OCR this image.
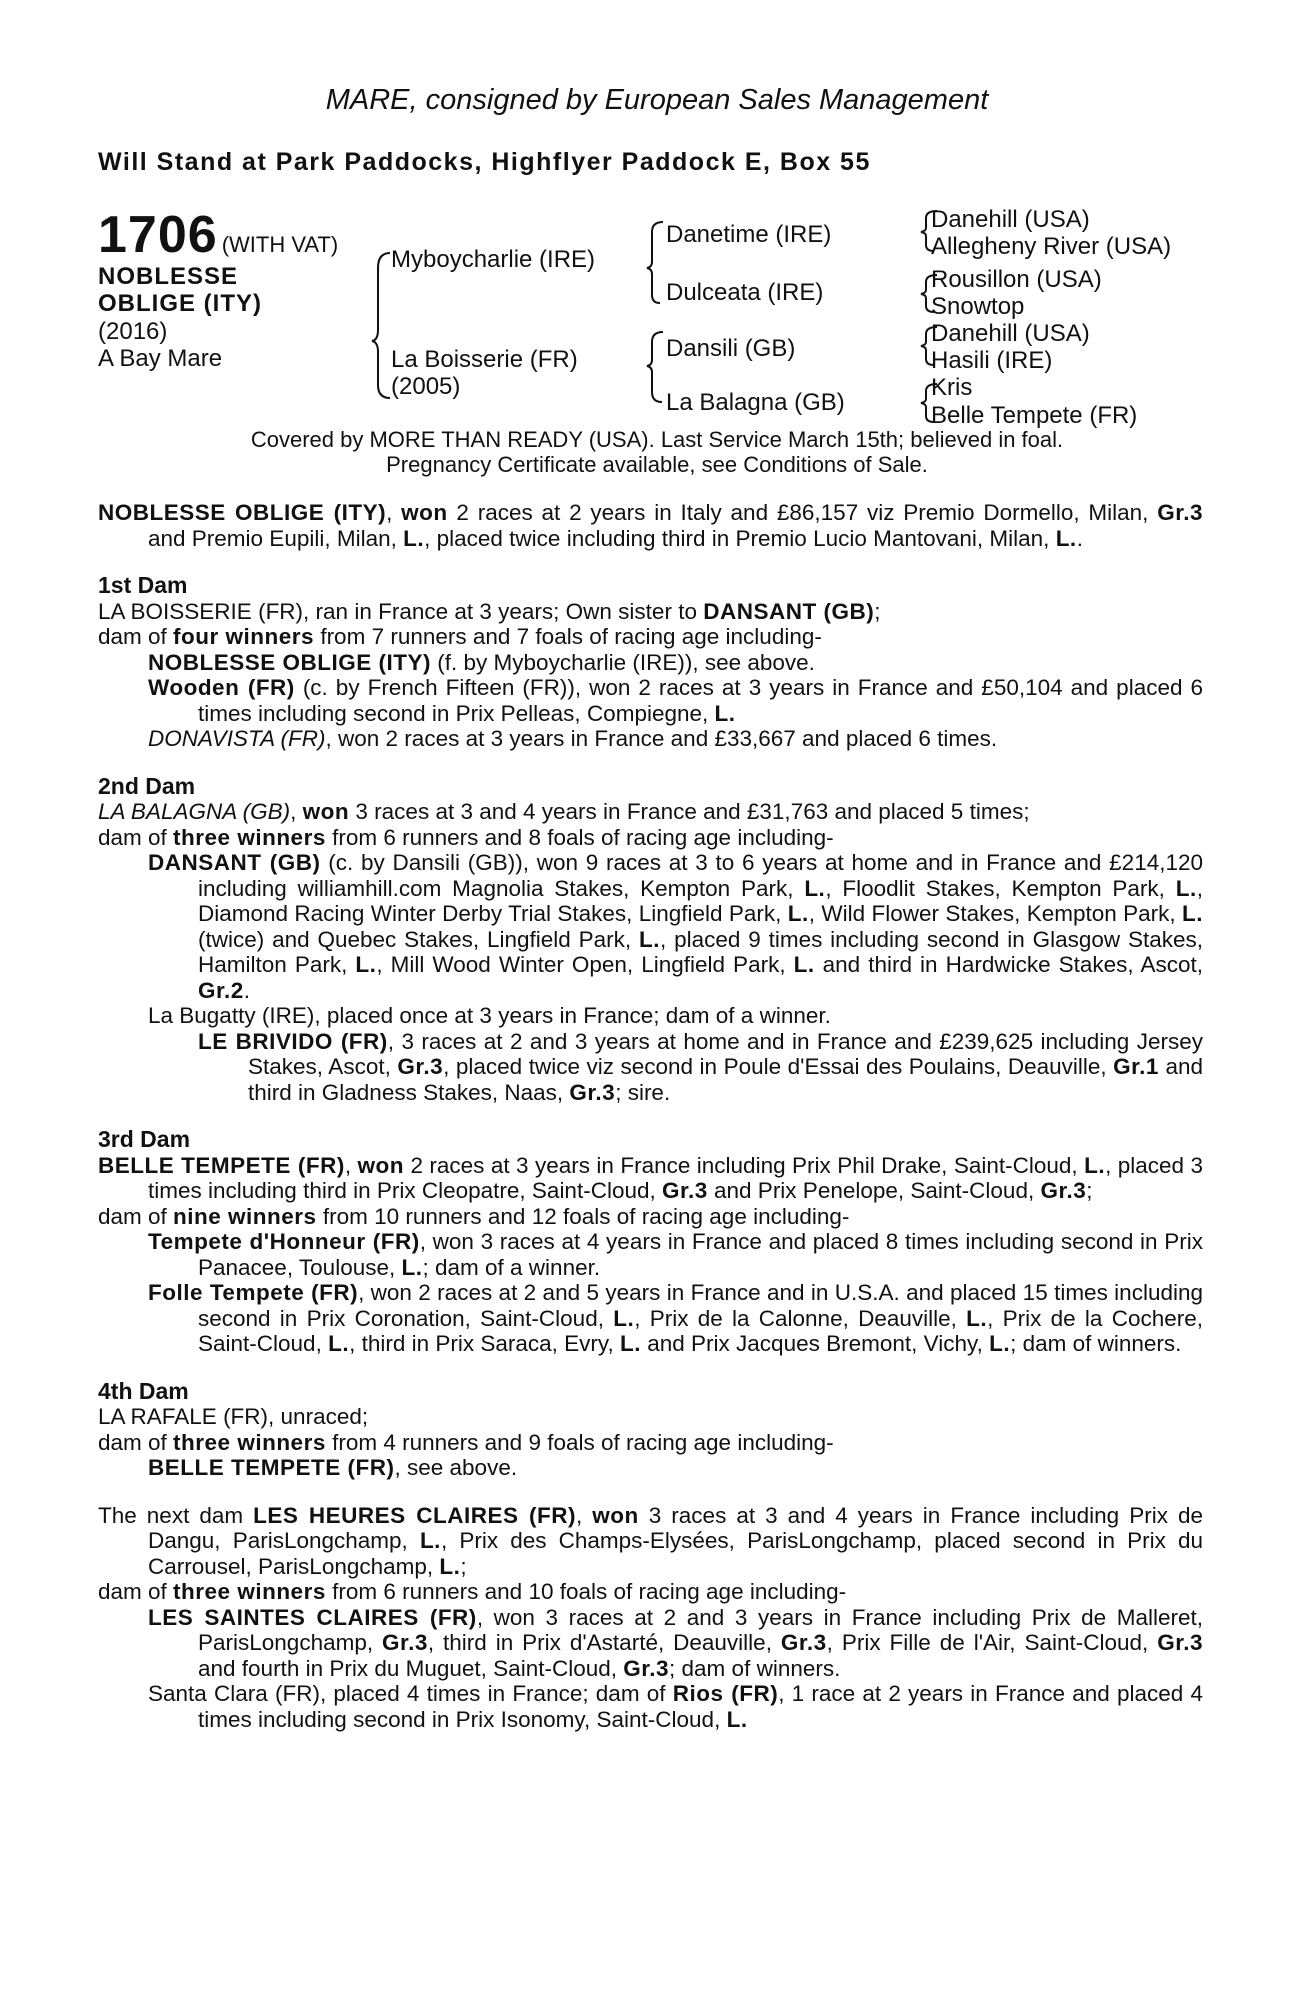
MARE, consigned by European Sales Management
Will Stand at Park Paddocks, Highflyer Paddock E, Box 55
1706 (WITH VAT)
NOBLESSE
OBLIGE (ITY)
(2016)
A Bay Mare
Myboycharlie (IRE)
La Boisserie (FR)
(2005)
Danetime (IRE)
Dulceata (IRE)
Dansili (GB)
La Balagna (GB)
Danehill (USA)
Allegheny River (USA)
Rousillon (USA)
Snowtop
Danehill (USA)
Hasili (IRE)
Kris
Belle Tempete (FR)
Covered by MORE THAN READY (USA). Last Service March 15th; believed in foal.
Pregnancy Certificate available, see Conditions of Sale.

NOBLESSE OBLIGE (ITY), won 2 races at 2 years in Italy and £86,157 viz Premio Dormello, Milan, Gr.3 and Premio Eupili, Milan, L., placed twice including third in Premio Lucio Mantovani, Milan, L..

1st Dam

LA BOISSERIE (FR), ran in France at 3 years; Own sister to DANSANT (GB);

dam of four winners from 7 runners and 7 foals of racing age including-

NOBLESSE OBLIGE (ITY) (f. by Myboycharlie (IRE)), see above.

Wooden (FR) (c. by French Fifteen (FR)), won 2 races at 3 years in France and £50,104 and placed 6 times including second in Prix Pelleas, Compiegne, L.

DONAVISTA (FR), won 2 races at 3 years in France and £33,667 and placed 6 times.

2nd Dam

LA BALAGNA (GB), won 3 races at 3 and 4 years in France and £31,763 and placed 5 times;

dam of three winners from 6 runners and 8 foals of racing age including-

DANSANT (GB) (c. by Dansili (GB)), won 9 races at 3 to 6 years at home and in France and £214,120 including williamhill.com Magnolia Stakes, Kempton Park, L., Floodlit Stakes, Kempton Park, L., Diamond Racing Winter Derby Trial Stakes, Lingfield Park, L., Wild Flower Stakes, Kempton Park, L. (twice) and Quebec Stakes, Lingfield Park, L., placed 9 times including second in Glasgow Stakes, Hamilton Park, L., Mill Wood Winter Open, Lingfield Park, L. and third in Hardwicke Stakes, Ascot, Gr.2.

La Bugatty (IRE), placed once at 3 years in France; dam of a winner.

LE BRIVIDO (FR), 3 races at 2 and 3 years at home and in France and £239,625 including Jersey Stakes, Ascot, Gr.3, placed twice viz second in Poule d'Essai des Poulains, Deauville, Gr.1 and third in Gladness Stakes, Naas, Gr.3; sire.

3rd Dam

BELLE TEMPETE (FR), won 2 races at 3 years in France including Prix Phil Drake, Saint-Cloud, L., placed 3 times including third in Prix Cleopatre, Saint-Cloud, Gr.3 and Prix Penelope, Saint-Cloud, Gr.3;

dam of nine winners from 10 runners and 12 foals of racing age including-

Tempete d'Honneur (FR), won 3 races at 4 years in France and placed 8 times including second in Prix Panacee, Toulouse, L.; dam of a winner.

Folle Tempete (FR), won 2 races at 2 and 5 years in France and in U.S.A. and placed 15 times including second in Prix Coronation, Saint-Cloud, L., Prix de la Calonne, Deauville, L., Prix de la Cochere, Saint-Cloud, L., third in Prix Saraca, Evry, L. and Prix Jacques Bremont, Vichy, L.; dam of winners.

4th Dam

LA RAFALE (FR), unraced;

dam of three winners from 4 runners and 9 foals of racing age including-

BELLE TEMPETE (FR), see above.

The next dam LES HEURES CLAIRES (FR), won 3 races at 3 and 4 years in France including Prix de Dangu, ParisLongchamp, L., Prix des Champs-Elysées, ParisLongchamp, placed second in Prix du Carrousel, ParisLongchamp, L.;

dam of three winners from 6 runners and 10 foals of racing age including-

LES SAINTES CLAIRES (FR), won 3 races at 2 and 3 years in France including Prix de Malleret, ParisLongchamp, Gr.3, third in Prix d'Astarté, Deauville, Gr.3, Prix Fille de l'Air, Saint-Cloud, Gr.3 and fourth in Prix du Muguet, Saint-Cloud, Gr.3; dam of winners.

Santa Clara (FR), placed 4 times in France; dam of Rios (FR), 1 race at 2 years in France and placed 4 times including second in Prix Isonomy, Saint-Cloud, L.
